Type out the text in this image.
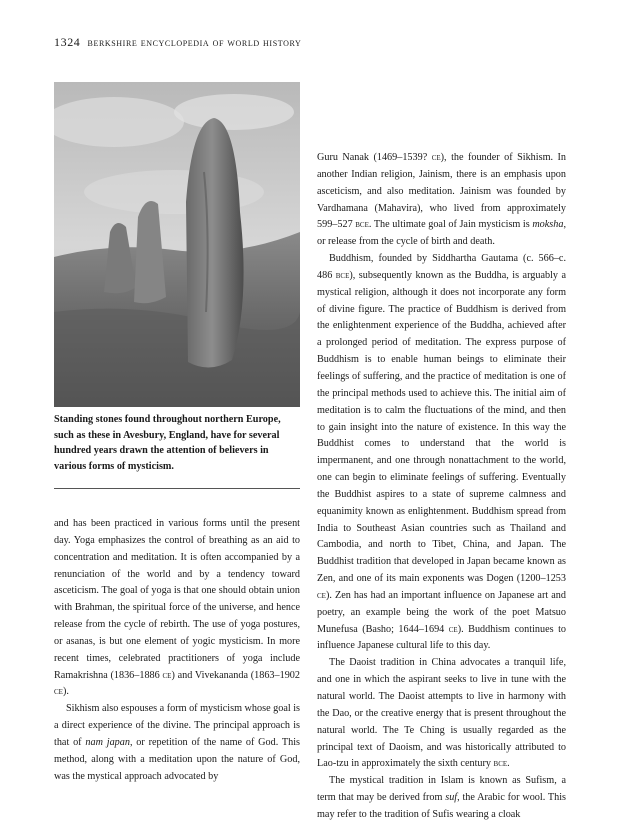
1324 berkshire encyclopedia of world history
Standing stones found throughout northern Europe, such as these in Avesbury, England, have for several hundred years drawn the attention of believers in various forms of mysticism.

and has been practiced in various forms until the present day. Yoga emphasizes the control of breathing as an aid to concentration and meditation. It is often accompanied by a renunciation of the world and by a tendency toward asceticism. The goal of yoga is that one should obtain union with Brahman, the spiritual force of the universe, and hence release from the cycle of rebirth. The use of yoga postures, or asanas, is but one element of yogic mysticism. In more recent times, celebrated practitioners of yoga include Ramakrishna (1836–1886 ce) and Vivekananda (1863–1902 ce).

Sikhism also espouses a form of mysticism whose goal is a direct experience of the divine. The principal approach is that of nam japan, or repetition of the name of God. This method, along with a meditation upon the nature of God, was the mystical approach advocated by

Guru Nanak (1469–1539? ce), the founder of Sikhism. In another Indian religion, Jainism, there is an emphasis upon asceticism, and also meditation. Jainism was founded by Vardhamana (Mahavira), who lived from approximately 599–527 bce. The ultimate goal of Jain mysticism is moksha, or release from the cycle of birth and death.

Buddhism, founded by Siddhartha Gautama (c. 566–c. 486 bce), subsequently known as the Buddha, is arguably a mystical religion, although it does not incorporate any form of divine figure. The practice of Buddhism is derived from the enlightenment experience of the Buddha, achieved after a prolonged period of meditation. The express purpose of Buddhism is to enable human beings to eliminate their feelings of suffering, and the practice of meditation is one of the principal methods used to achieve this. The initial aim of meditation is to calm the fluctuations of the mind, and then to gain insight into the nature of existence. In this way the Buddhist comes to understand that the world is impermanent, and one through nonattachment to the world, one can begin to eliminate feelings of suffering. Eventually the Buddhist aspires to a state of supreme calmness and equanimity known as enlightenment. Buddhism spread from India to Southeast Asian countries such as Thailand and Cambodia, and north to Tibet, China, and Japan. The Buddhist tradition that developed in Japan became known as Zen, and one of its main exponents was Dogen (1200–1253 ce). Zen has had an important influence on Japanese art and poetry, an example being the work of the poet Matsuo Munefusa (Basho; 1644–1694 ce). Buddhism continues to influence Japanese cultural life to this day.

The Daoist tradition in China advocates a tranquil life, and one in which the aspirant seeks to live in tune with the natural world. The Daoist attempts to live in harmony with the Dao, or the creative energy that is present throughout the natural world. The Te Ching is usually regarded as the principal text of Daoism, and was historically attributed to Lao-tzu in approximately the sixth century bce.

The mystical tradition in Islam is known as Sufism, a term that may be derived from suf, the Arabic for wool. This may refer to the tradition of Sufis wearing a cloak
